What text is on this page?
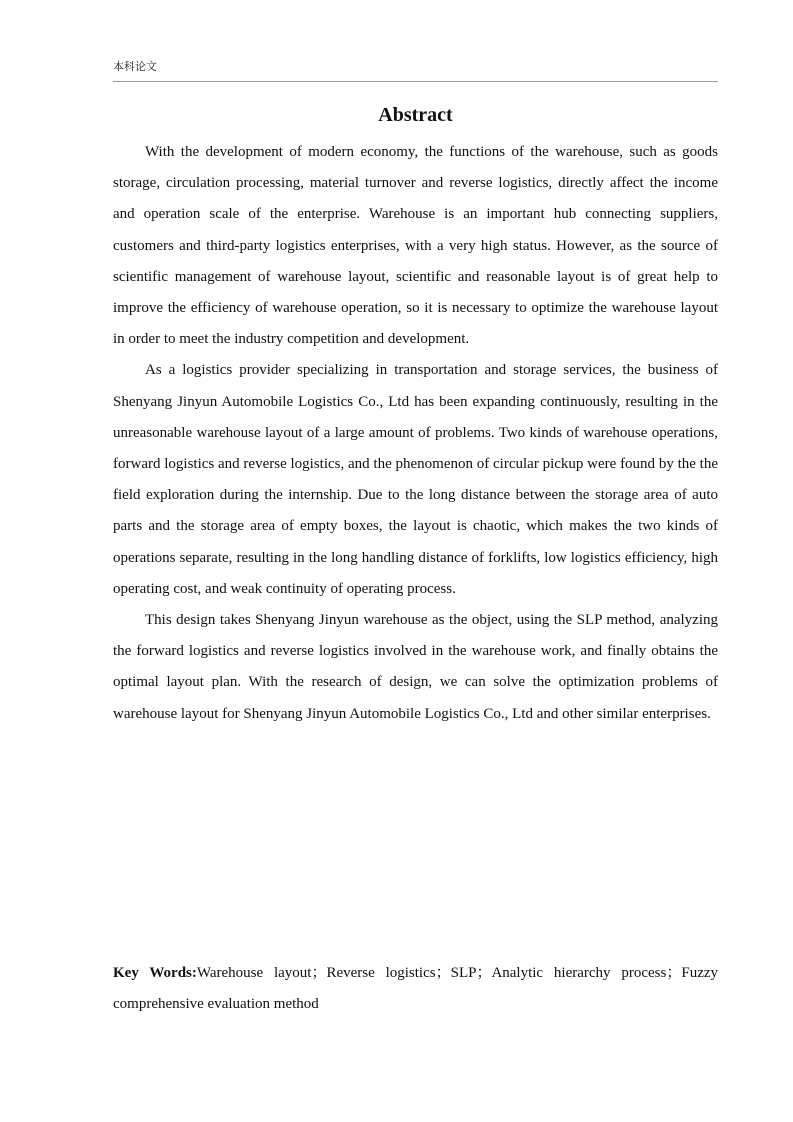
本科论文
Abstract

With the development of modern economy, the functions of the warehouse, such as goods storage, circulation processing, material turnover and reverse logistics, directly affect the income and operation scale of the enterprise. Warehouse is an important hub connecting suppliers, customers and third-party logistics enterprises, with a very high status. However, as the source of scientific management of warehouse layout, scientific and reasonable layout is of great help to improve the efficiency of warehouse operation, so it is necessary to optimize the warehouse layout in order to meet the industry competition and development.

As a logistics provider specializing in transportation and storage services, the business of Shenyang Jinyun Automobile Logistics Co., Ltd has been expanding continuously, resulting in the unreasonable warehouse layout of a large amount of problems. Two kinds of warehouse operations, forward logistics and reverse logistics, and the phenomenon of circular pickup were found by the the field exploration during the internship. Due to the long distance between the storage area of auto parts and the storage area of empty boxes, the layout is chaotic, which makes the two kinds of operations separate, resulting in the long handling distance of forklifts, low logistics efficiency, high operating cost, and weak continuity of operating process.

This design takes Shenyang Jinyun warehouse as the object, using the SLP method, analyzing the forward logistics and reverse logistics involved in the warehouse work, and finally obtains the optimal layout plan. With the research of design, we can solve the optimization problems of warehouse layout for Shenyang Jinyun Automobile Logistics Co., Ltd and other similar enterprises.

Key Words:Warehouse layout；Reverse logistics；SLP；Analytic hierarchy process；Fuzzy comprehensive evaluation method
